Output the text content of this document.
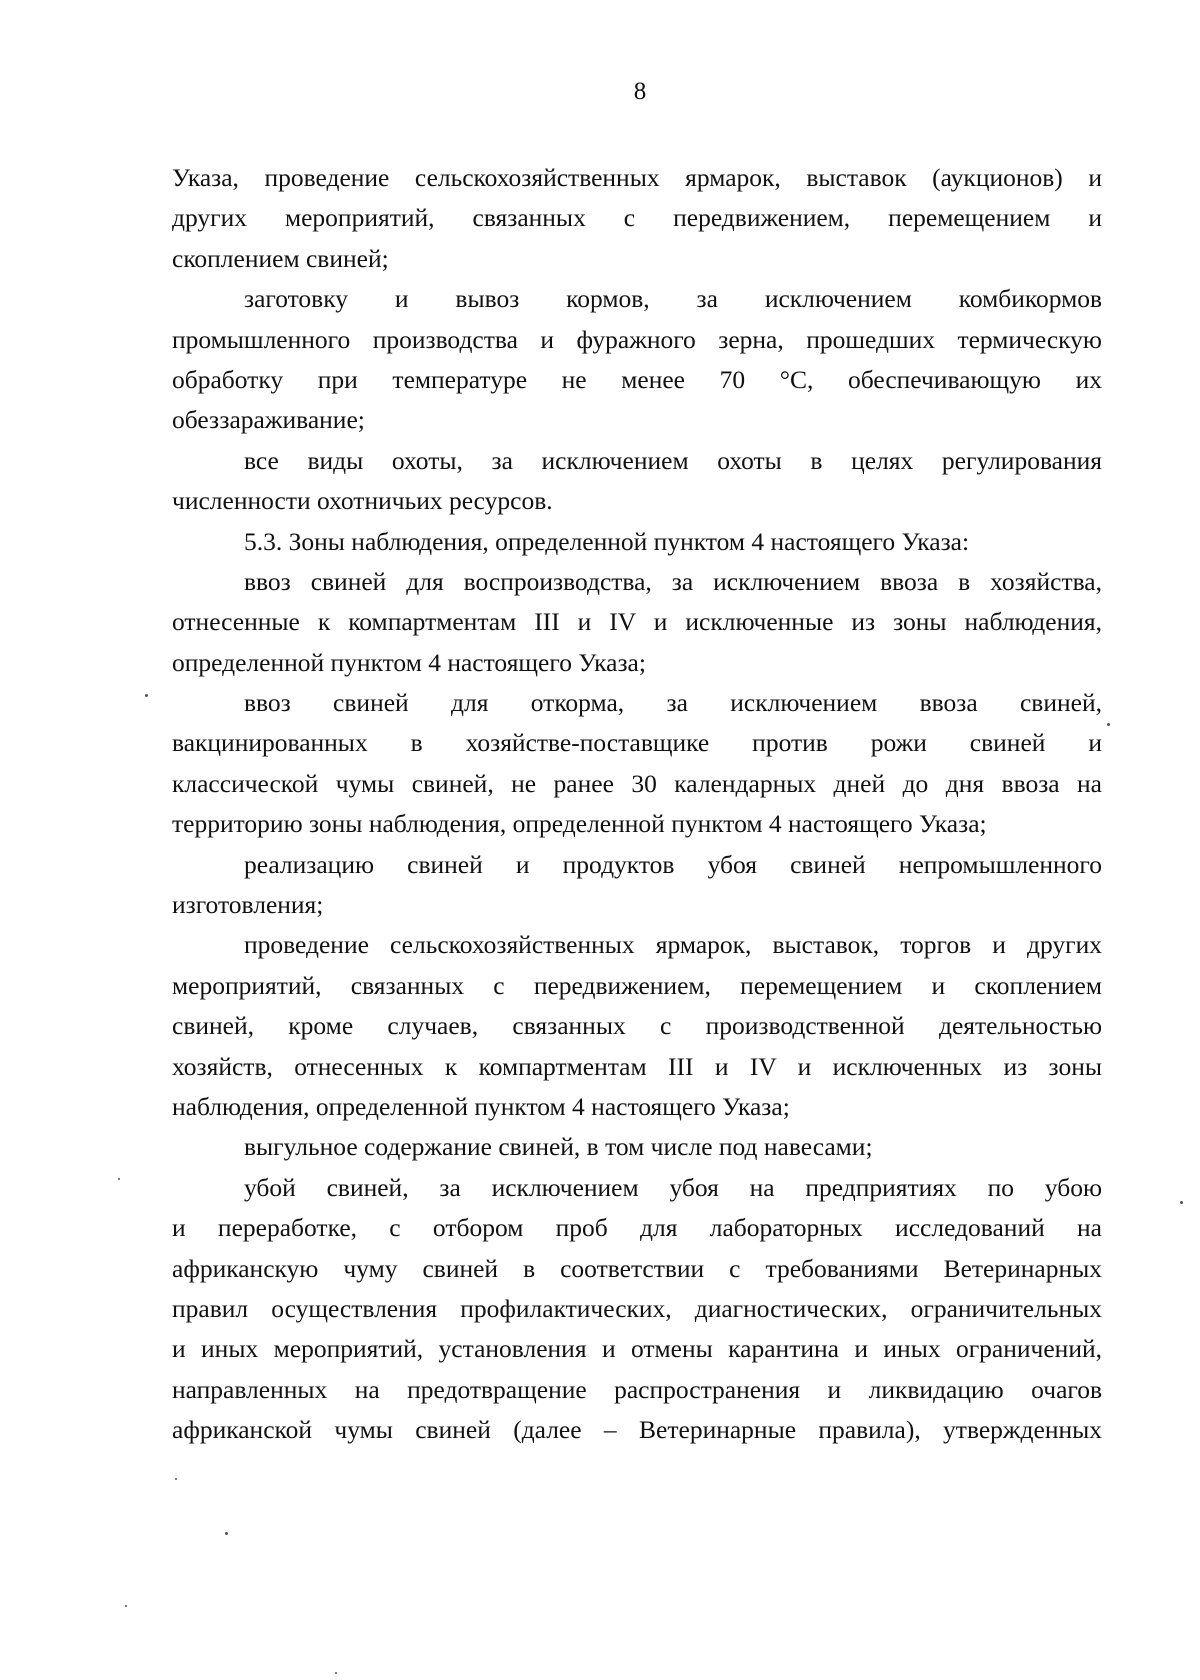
8
Указа, проведение сельскохозяйственных ярмарок, выставок (аукционов) и
других мероприятий, связанных с передвижением, перемещением и
скоплением свиней;
заготовку и вывоз кормов, за исключением комбикормов
промышленного производства и фуражного зерна, прошедших термическую
обработку при температуре не менее 70 °С, обеспечивающую их
обеззараживание;
все виды охоты, за исключением охоты в целях регулирования
численности охотничьих ресурсов.
5.3. Зоны наблюдения, определенной пунктом 4 настоящего Указа:
ввоз свиней для воспроизводства, за исключением ввоза в хозяйства,
отнесенные к компартментам III и IV и исключенные из зоны наблюдения,
определенной пунктом 4 настоящего Указа;
ввоз свиней для откорма, за исключением ввоза свиней,
вакцинированных в хозяйстве-поставщике против рожи свиней и
классической чумы свиней, не ранее 30 календарных дней до дня ввоза на
территорию зоны наблюдения, определенной пунктом 4 настоящего Указа;
реализацию свиней и продуктов убоя свиней непромышленного
изготовления;
проведение сельскохозяйственных ярмарок, выставок, торгов и других
мероприятий, связанных с передвижением, перемещением и скоплением
свиней, кроме случаев, связанных с производственной деятельностью
хозяйств, отнесенных к компартментам III и IV и исключенных из зоны
наблюдения, определенной пунктом 4 настоящего Указа;
выгульное содержание свиней, в том числе под навесами;
убой свиней, за исключением убоя на предприятиях по убою
и переработке, с отбором проб для лабораторных исследований на
африканскую чуму свиней в соответствии с требованиями Ветеринарных
правил осуществления профилактических, диагностических, ограничительных
и иных мероприятий, установления и отмены карантина и иных ограничений,
направленных на предотвращение распространения и ликвидацию очагов
африканской чумы свиней (далее – Ветеринарные правила), утвержденных
